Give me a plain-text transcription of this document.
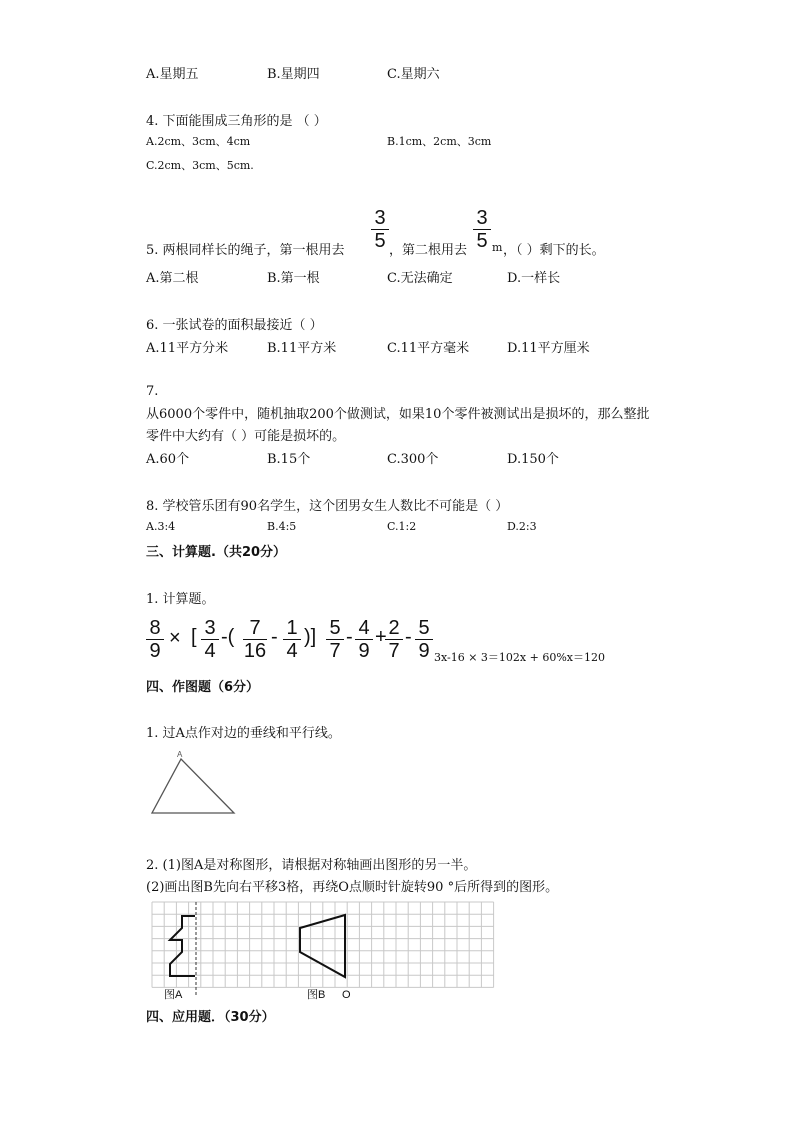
A.星期五	B.星期四	C.星期六
4. 下面能围成三角形的是 （ ）
A.2cm、3cm、4cm	B.1cm、2cm、3cm
C.2cm、3cm、5cm.
5. 两根同样长的绳子，第一根用去
3
5 ，第二根用去
3
5 m ，（ ）剩下的长。
A.第二根	B.第一根	C.无法确定	D.一样长
6. 一张试卷的面积最接近（ ）
A.11平方分米	B.11平方米	C.11平方毫米	D.11平方厘米
7.
从6000个零件中，随机抽取200个做测试，如果10个零件被测试出是损坏的，那么整批
零件中大约有（ ）可能是损坏的。
A.60个	B.15个	C.300个	D.150个
8. 学校管乐团有90名学生，这个团男女生人数比不可能是（ ）
A.3:4	B.4:5	C.1:2	D.2:3
三、计算题.（共20分）
1. 计算题。
8
9
× [ 3
4
-( 7
16
- 1
4
)] 5
7
- 4
9
+ 2
7
- 5
9 3x-16 × 3＝102x + 60%x＝120
四、作图题（6分）
1. 过A点作对边的垂线和平行线。
A
2. (1)图A是对称图形，请根据对称轴画出图形的另一半。
(2)画出图B先向右平移3格，再绕O点顺时针旋转90 °后所得到的图形。
图A	图B O
四、应用题．（30分）
